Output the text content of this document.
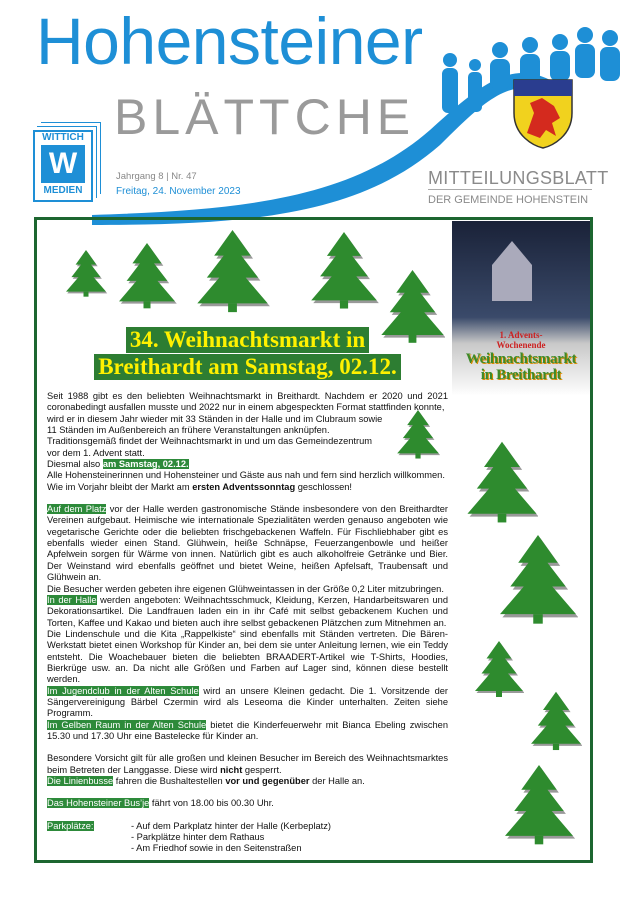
Hohensteiner
BLÄTTCHE
WITTICH
W
MEDIEN
Jahrgang 8 | Nr. 47
Freitag, 24. November 2023
MITTEILUNGSBLATT
DER GEMEINDE HOHENSTEIN
1. Advents-
Wochenende
Weihnachtsmarkt
in Breithardt
34. Weihnachtsmarkt in
Breithardt am Samstag, 02.12.

Seit 1988 gibt es den beliebten Weihnachtsmarkt in Breithardt. Nachdem er 2020 und 2021 coronabedingt ausfallen musste und 2022 nur in einem abgespeckten Format stattfinden konnte,

wird er in diesem Jahr wieder mit 33 Ständen in der Halle und im Clubraum sowie
11 Ständen im Außenbereich an frühere Veranstaltungen anknüpfen.
Traditionsgemäß findet der Weihnachtsmarkt in und um das Gemeindezentrum
vor dem 1. Advent statt.
Diesmal also am Samstag, 02.12.

Alle Hohensteinerinnen und Hohensteiner und Gäste aus nah und fern sind herzlich willkommen.

Wie im Vorjahr bleibt der Markt am ersten Adventssonntag geschlossen!

Auf dem Platz vor der Halle werden gastronomische Stände insbesondere von den Breithardter Vereinen aufgebaut. Heimische wie internationale Spezialitäten werden genauso angeboten wie vegetarische Gerichte oder die beliebten frischgebackenen Waffeln. Für Fischliebhaber gibt es ebenfalls wieder einen Stand. Glühwein, heiße Schnäpse, Feuerzangenbowle und heißer Apfelwein sorgen für Wärme von innen. Natürlich gibt es auch alkoholfreie Getränke und Bier. Der Weinstand wird ebenfalls geöffnet und bietet Weine, heißen Apfelsaft, Traubensaft und Glühwein an.

Die Besucher werden gebeten ihre eigenen Glühweintassen in der Größe 0,2 Liter mitzubringen.

In der Halle werden angeboten: Weihnachtsschmuck, Kleidung, Kerzen, Handarbeitswaren und Dekorationsartikel. Die Landfrauen laden ein in ihr Café mit selbst gebackenem Kuchen und Torten, Kaffee und Kakao und bieten auch ihre selbst gebackenen Plätzchen zum Mitnehmen an.

Die Lindenschule und die Kita „Rappelkiste“ sind ebenfalls mit Ständen vertreten. Die Bären-Werkstatt bietet einen Workshop für Kinder an, bei dem sie unter Anleitung lernen, wie ein Teddy entsteht. Die Woachebauer bieten die beliebten BRAADERT-Artikel wie T-Shirts, Hoodies, Bierkrüge usw. an. Da nicht alle Größen und Farben auf Lager sind, können diese bestellt werden.

Im Jugendclub in der Alten Schule wird an unsere Kleinen gedacht. Die 1. Vorsitzende der Sängervereinigung Bärbel Czermin wird als Leseoma die Kinder unterhalten. Zeiten siehe Programm.

Im Gelben Raum in der Alten Schule bietet die Kinderfeuerwehr mit Bianca Ebeling zwischen 15.30 und 17.30 Uhr eine Bastelecke für Kinder an.

Besondere Vorsicht gilt für alle großen und kleinen Besucher im Bereich des Weihnachtsmarktes beim Betreten der Langgasse. Diese wird nicht gesperrt.

Die Linienbusse fahren die Bushaltestellen vor und gegenüber der Halle an.
Das Hohensteiner Bus’je fährt von 18.00 bis 00.30 Uhr.
Parkplätze:	- Auf dem Parkplatz hinter der Halle (Kerbeplatz)
- Parkplätze hinter dem Rathaus
- Am Friedhof sowie in den Seitenstraßen
